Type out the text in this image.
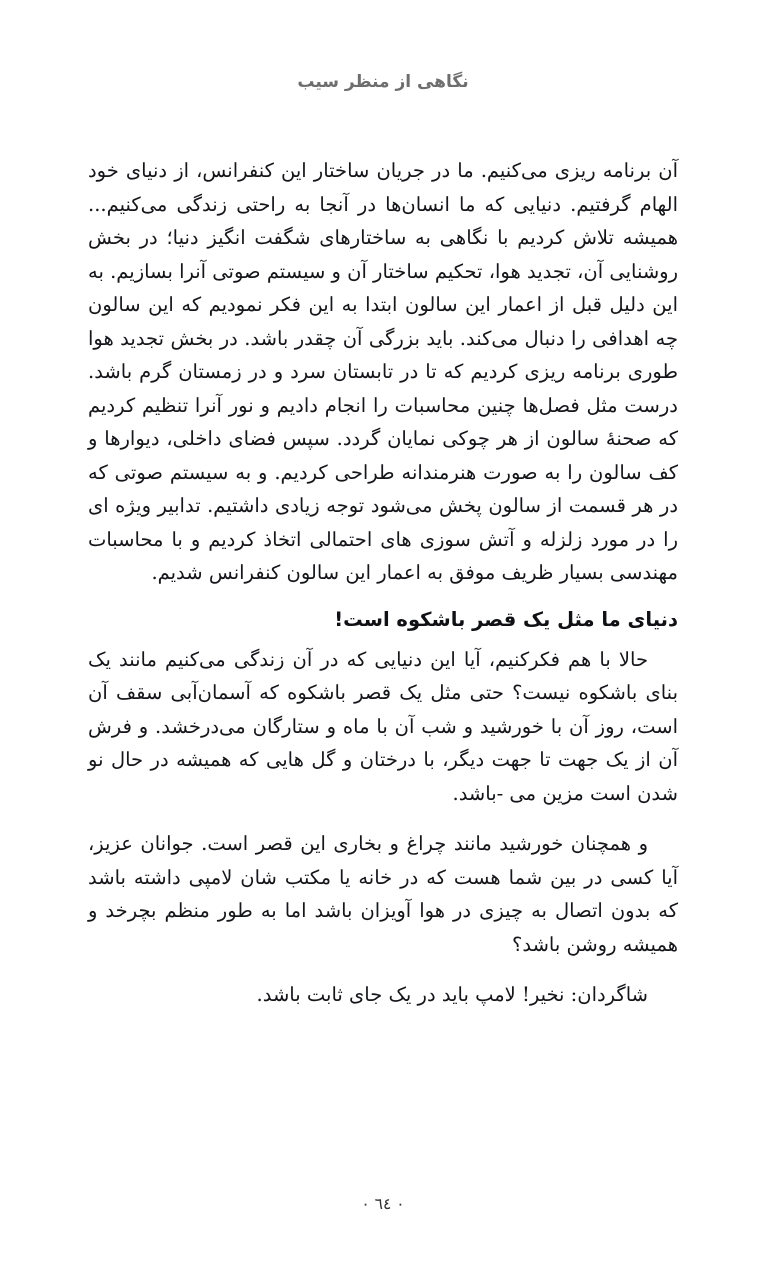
نگاهی از منظر سیب

آن برنامه ریزی می‌کنیم. ما در جریان ساختار این کنفرانس، از دنیای خود الهام گرفتیم. دنیایی که ما انسان‌ها در آنجا به راحتی زندگی می‌کنیم... همیشه تلاش کردیم با نگاهی به ساختارهای شگفت انگیز دنیا؛ در بخش روشنایی آن، تجدید هوا، تحکیم ساختار آن و سیستم صوتی آنرا بسازیم. به این دلیل قبل از اعمار این سالون ابتدا به این فکر نمودیم که این سالون چه اهدافی را دنبال می‌کند. باید بزرگی آن چقدر باشد. در بخش تجدید هوا طوری برنامه ریزی کردیم که تا در تابستان سرد و در زمستان گرم باشد. درست مثل فصل‌ها چنین محاسبات را انجام دادیم و نور آنرا تنظیم کردیم که صحنهٔ سالون از هر چوکی نمایان گردد. سپس فضای داخلی، دیوارها و کف سالون را به صورت هنرمندانه طراحی کردیم. و به سیستم صوتی که در هر قسمت از سالون پخش می‌شود توجه زیادی داشتیم. تدابیر ویژه ای را در مورد زلزله و آتش سوزی های احتمالی اتخاذ کردیم و با محاسبات مهندسی بسیار ظریف موفق به اعمار این سالون کنفرانس شدیم.

دنیای ما مثل یک قصر باشکوه است!

حالا با هم فکرکنیم، آیا این دنیایی که در آن زندگی می‌کنیم مانند یک بنای باشکوه نیست؟ حتی مثل یک قصر باشکوه که آسمان‌آبی سقف آن است، روز آن با خورشید و شب آن با ماه و ستارگان می‌درخشد. و فرش آن از یک جهت تا جهت دیگر، با درختان و گل هایی که همیشه در حال نو شدن است مزین می -باشد.

و همچنان خورشید مانند چراغ و بخاری این قصر است. جوانان عزیز، آیا کسی در بین شما هست که در خانه یا مکتب شان لامپی داشته باشد که بدون اتصال به چیزی در هوا آویزان باشد اما به طور منظم بچرخد و همیشه روشن باشد؟

شاگردان: نخیر! لامپ باید در یک جای ثابت باشد.

٠ ٦٤ ٠
